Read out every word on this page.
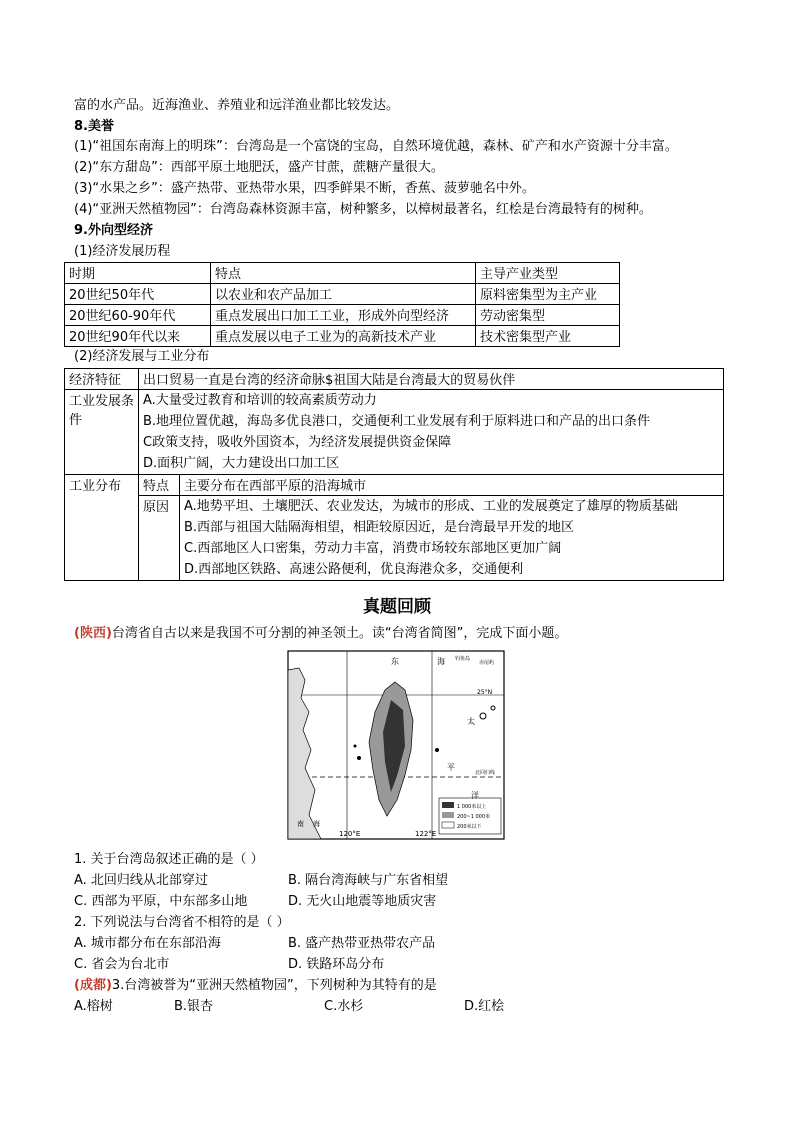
富的水产品。近海渔业、养殖业和远洋渔业都比较发达。
8.美誉
(1)“祖国东南海上的明珠”：台湾岛是一个富饶的宝岛，自然环境优越，森林、矿产和水产资源十分丰富。
(2)“东方甜岛”：西部平原土地肥沃，盛产甘蔗，蔗糖产量很大。
(3)“水果之乡”：盛产热带、亚热带水果，四季鲜果不断，香蕉、菠萝驰名中外。
(4)“亚洲天然植物园”：台湾岛森林资源丰富，树种繁多，以樟树最著名，红桧是台湾最特有的树种。
9.外向型经济
(1)经济发展历程
时期	特点	主导产业类型
20世纪50年代	以农业和农产品加工	原料密集型为主产业
20世纪60-90年代	重点发展出口加工工业，形成外向型经济	劳动密集型
20世纪90年代以来	重点发展以电子工业为的高新技术产业	技术密集型产业
(2)经济发展与工业分布
经济特征	出口贸易一直是台湾的经济命脉$祖国大陆是台湾最大的贸易伙伴	
工业发展条件	A.大量受过教育和培训的较高素质劳动力
B.地理位置优越，海岛多优良港口，交通便利工业发展有利于原料进口和产品的出口条件
C政策支持，吸收外国资本，为经济发展提供资金保障
D.面积广阔，大力建设出口加工区	

工业分布	特点	主要分布在西部平原的沿海城市
	原因	A.地势平坦、土壤肥沃、农业发达，为城市的形成、工业的发展奠定了雄厚的物质基础
B.西部与祖国大陆隔海相望，相距较原因近，是台湾最早开发的地区
C.西部地区人口密集，劳动力丰富，消费市场较东部地区更加广阔
D.西部地区铁路、高速公路便利，优良海港众多，交通便利
真题回顾
(陕西)台湾省自古以来是我国不可分割的神圣领土。读“台湾省简图”，完成下面小题。
东	海 钓鱼岛
赤尾屿
25°N
太
平
洋
南 海
120°E	122°E
北回归线
1 000米以上
200~1 000米
200米以下
1. 关于台湾岛叙述正确的是（ ）
A. 北回归线从北部穿过	B. 隔台湾海峡与广东省相望
C. 西部为平原，中东部多山地	D. 无火山地震等地质灾害
2. 下列说法与台湾省不相符的是（ ）
A. 城市都分布在东部沿海	B. 盛产热带亚热带农产品
C. 省会为台北市	D. 铁路环岛分布
(成都)3.台湾被誉为“亚洲天然植物园”，下列树种为其特有的是
A.榕树	B.银杏	C.水杉	D.红桧
